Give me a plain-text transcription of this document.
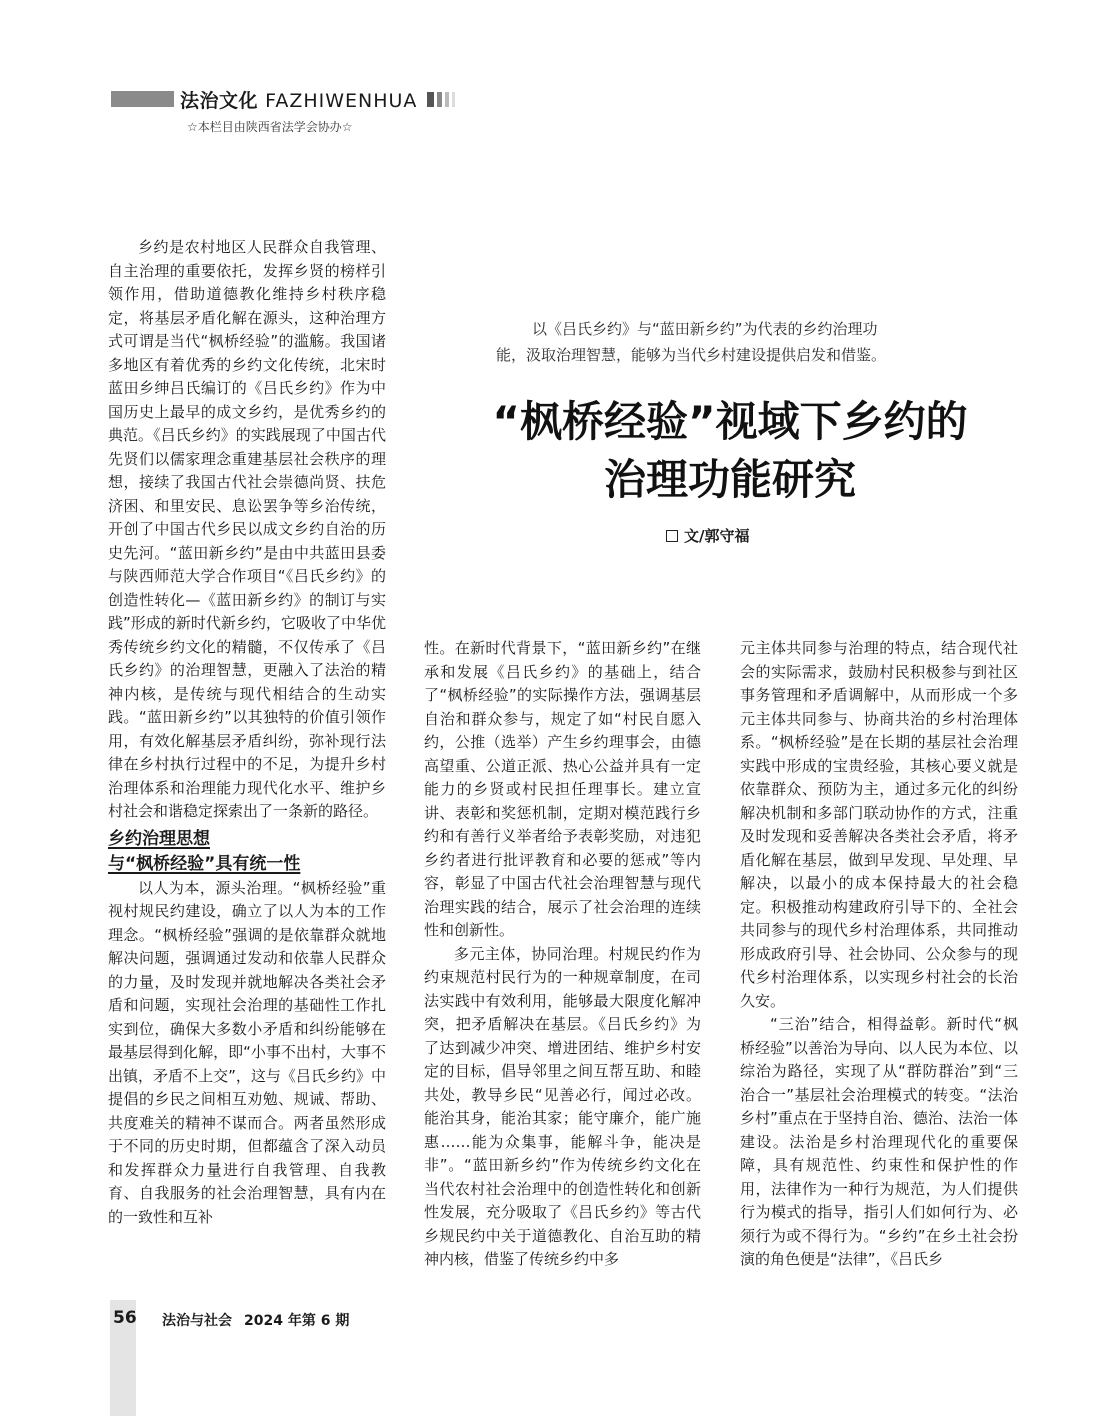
法治文化 FAZHIWENHUA
☆本栏目由陕西省法学会协办☆

以《吕氏乡约》与“蓝田新乡约”为代表的乡约治理功

能，汲取治理智慧，能够为当代乡村建设提供启发和借鉴。

“枫桥经验”视域下乡约的
治理功能研究
文/郭守福

乡约是农村地区人民群众自我管理、自主治理的重要依托，发挥乡贤的榜样引领作用，借助道德教化维持乡村秩序稳定，将基层矛盾化解在源头，这种治理方式可谓是当代“枫桥经验”的滥觞。我国诸多地区有着优秀的乡约文化传统，北宋时蓝田乡绅吕氏编订的《吕氏乡约》作为中国历史上最早的成文乡约，是优秀乡约的典范。《吕氏乡约》的实践展现了中国古代先贤们以儒家理念重建基层社会秩序的理想，接续了我国古代社会崇德尚贤、扶危济困、和里安民、息讼罢争等乡治传统，开创了中国古代乡民以成文乡约自治的历史先河。“蓝田新乡约”是由中共蓝田县委与陕西师范大学合作项目“《吕氏乡约》的创造性转化—《蓝田新乡约》的制订与实践”形成的新时代新乡约，它吸收了中华优秀传统乡约文化的精髓，不仅传承了《吕氏乡约》的治理智慧，更融入了法治的精神内核，是传统与现代相结合的生动实践。“蓝田新乡约”以其独特的价值引领作用，有效化解基层矛盾纠纷，弥补现行法律在乡村执行过程中的不足，为提升乡村治理体系和治理能力现代化水平、维护乡村社会和谐稳定探索出了一条新的路径。

乡约治理思想
与“枫桥经验”具有统一性

以人为本，源头治理。“枫桥经验”重视村规民约建设，确立了以人为本的工作理念。“枫桥经验”强调的是依靠群众就地解决问题，强调通过发动和依靠人民群众的力量，及时发现并就地解决各类社会矛盾和问题，实现社会治理的基础性工作扎实到位，确保大多数小矛盾和纠纷能够在最基层得到化解，即“小事不出村，大事不出镇，矛盾不上交”，这与《吕氏乡约》中提倡的乡民之间相互劝勉、规诫、帮助、共度难关的精神不谋而合。两者虽然形成于不同的历史时期，但都蕴含了深入动员和发挥群众力量进行自我管理、自我教育、自我服务的社会治理智慧，具有内在的一致性和互补

性。在新时代背景下，“蓝田新乡约”在继承和发展《吕氏乡约》的基础上，结合了“枫桥经验”的实际操作方法，强调基层自治和群众参与，规定了如“村民自愿入约，公推（选举）产生乡约理事会，由德高望重、公道正派、热心公益并具有一定能力的乡贤或村民担任理事长。建立宣讲、表彰和奖惩机制，定期对模范践行乡约和有善行义举者给予表彰奖励，对违犯乡约者进行批评教育和必要的惩戒”等内容，彰显了中国古代社会治理智慧与现代治理实践的结合，展示了社会治理的连续性和创新性。

多元主体，协同治理。村规民约作为约束规范村民行为的一种规章制度，在司法实践中有效利用，能够最大限度化解冲突，把矛盾解决在基层。《吕氏乡约》为了达到减少冲突、增进团结、维护乡村安定的目标，倡导邻里之间互帮互助、和睦共处，教导乡民“见善必行，闻过必改。能治其身，能治其家；能守廉介，能广施惠……能为众集事，能解斗争，能决是非”。“蓝田新乡约”作为传统乡约文化在当代农村社会治理中的创造性转化和创新性发展，充分吸取了《吕氏乡约》等古代乡规民约中关于道德教化、自治互助的精神内核，借鉴了传统乡约中多

元主体共同参与治理的特点，结合现代社会的实际需求，鼓励村民积极参与到社区事务管理和矛盾调解中，从而形成一个多元主体共同参与、协商共治的乡村治理体系。“枫桥经验”是在长期的基层社会治理实践中形成的宝贵经验，其核心要义就是依靠群众、预防为主，通过多元化的纠纷解决机制和多部门联动协作的方式，注重及时发现和妥善解决各类社会矛盾，将矛盾化解在基层，做到早发现、早处理、早解决，以最小的成本保持最大的社会稳定。积极推动构建政府引导下的、全社会共同参与的现代乡村治理体系，共同推动形成政府引导、社会协同、公众参与的现代乡村治理体系，以实现乡村社会的长治久安。

“三治”结合，相得益彰。新时代“枫桥经验”以善治为导向、以人民为本位、以综治为路径，实现了从“群防群治”到“三治合一”基层社会治理模式的转变。“法治乡村”重点在于坚持自治、德治、法治一体建设。法治是乡村治理现代化的重要保障，具有规范性、约束性和保护性的作用，法律作为一种行为规范，为人们提供行为模式的指导，指引人们如何行为、必须行为或不得行为。“乡约”在乡土社会扮演的角色便是“法律”，《吕氏乡

56 法治与社会 2024 年第 6 期
